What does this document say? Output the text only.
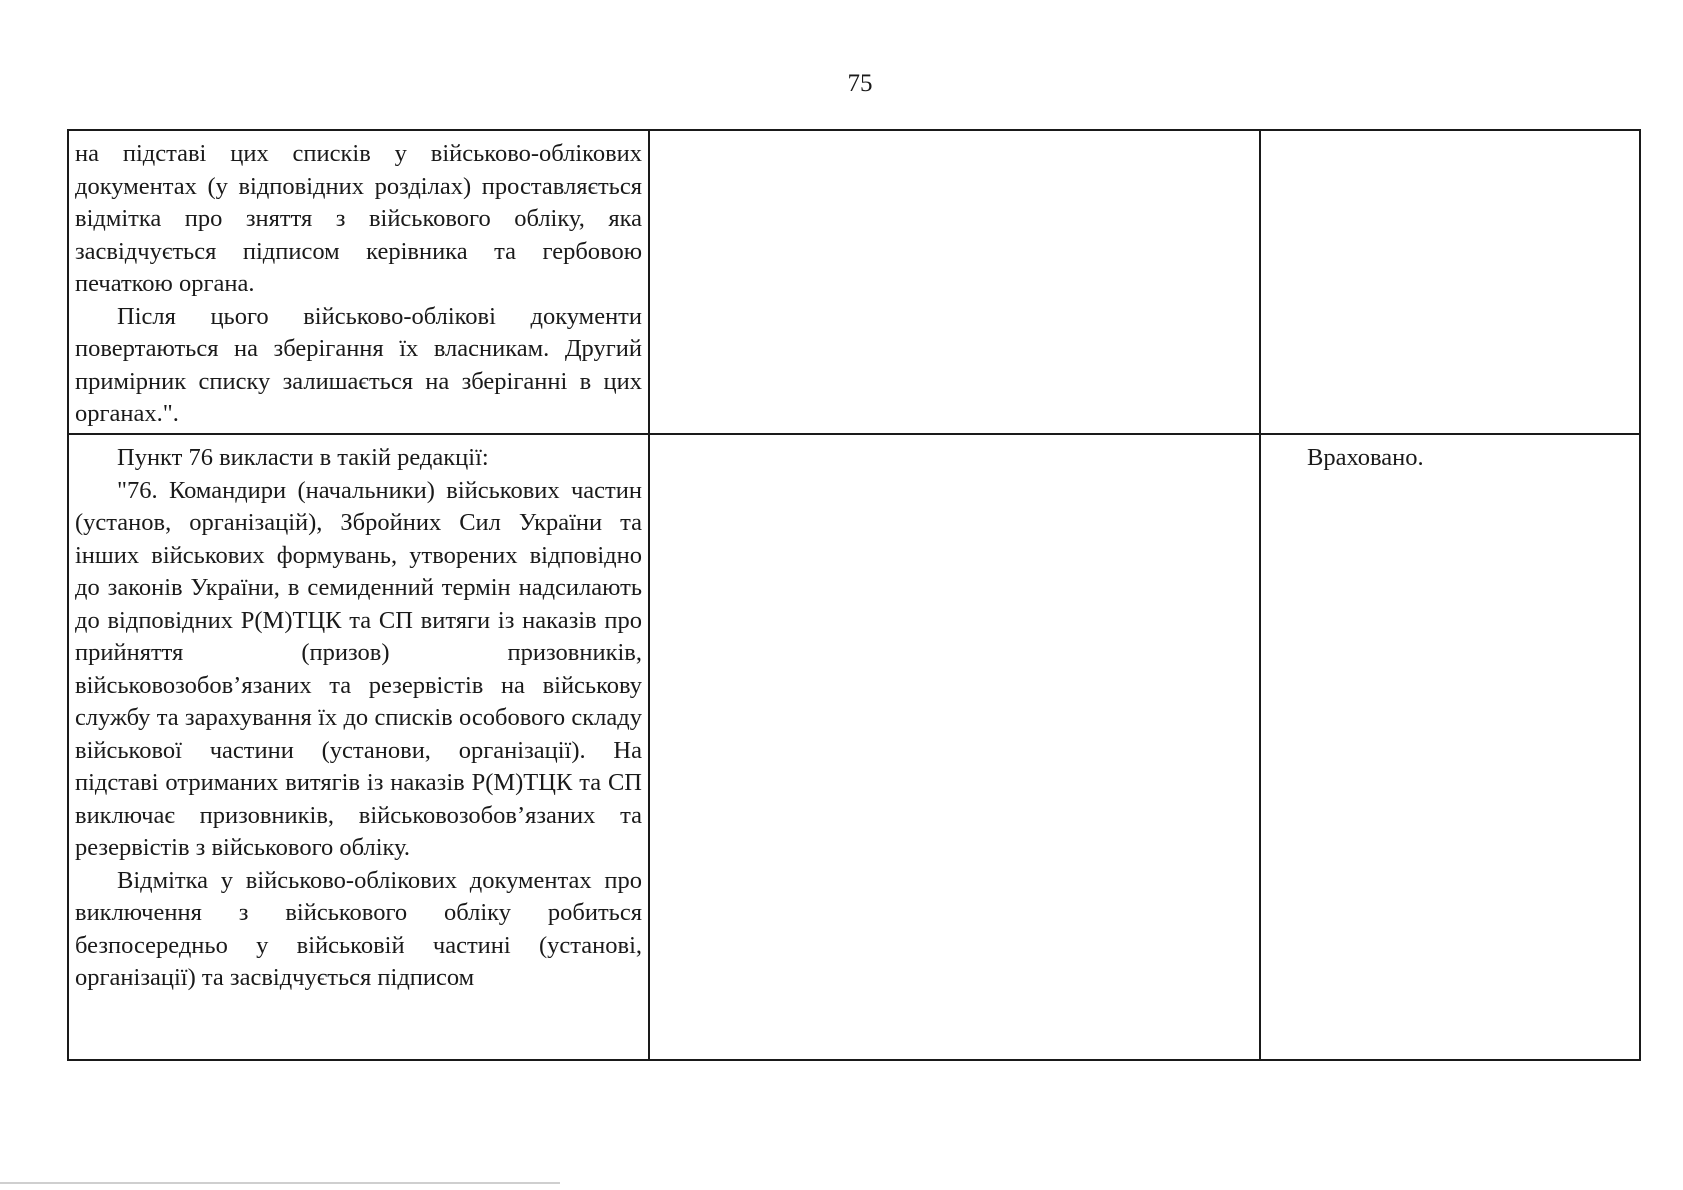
75

на підставі цих списків у військово-облікових документах (у відповідних розділах) проставляється відмітка про зняття з військового обліку, яка засвідчується підписом керівника та гербовою печаткою органа.

Після цього військово-облікові документи повертаються на зберігання їх власникам. Другий примірник списку залишається на зберіганні в цих органах.".		

Пункт 76 викласти в такій редакції:

"76. Командири (начальники) військових частин (установ, організацій), Збройних Сил України та інших військових формувань, утворених відповідно до законів України, в семиденний термін надсилають до відповідних Р(М)ТЦК та СП витяги із наказів про прийняття (призов) призовників, військовозобов’язаних та резервістів на військову службу та зарахування їх до списків особового складу військової частини (установи, організації). На підставі отриманих витягів із наказів Р(М)ТЦК та СП виключає призовників, військовозобов’язаних та резервістів з військового обліку.

Відмітка у військово-облікових документах про виключення з військового обліку робиться безпосередньо у військовій частині (установі, організації) та засвідчується підписом		Враховано.
